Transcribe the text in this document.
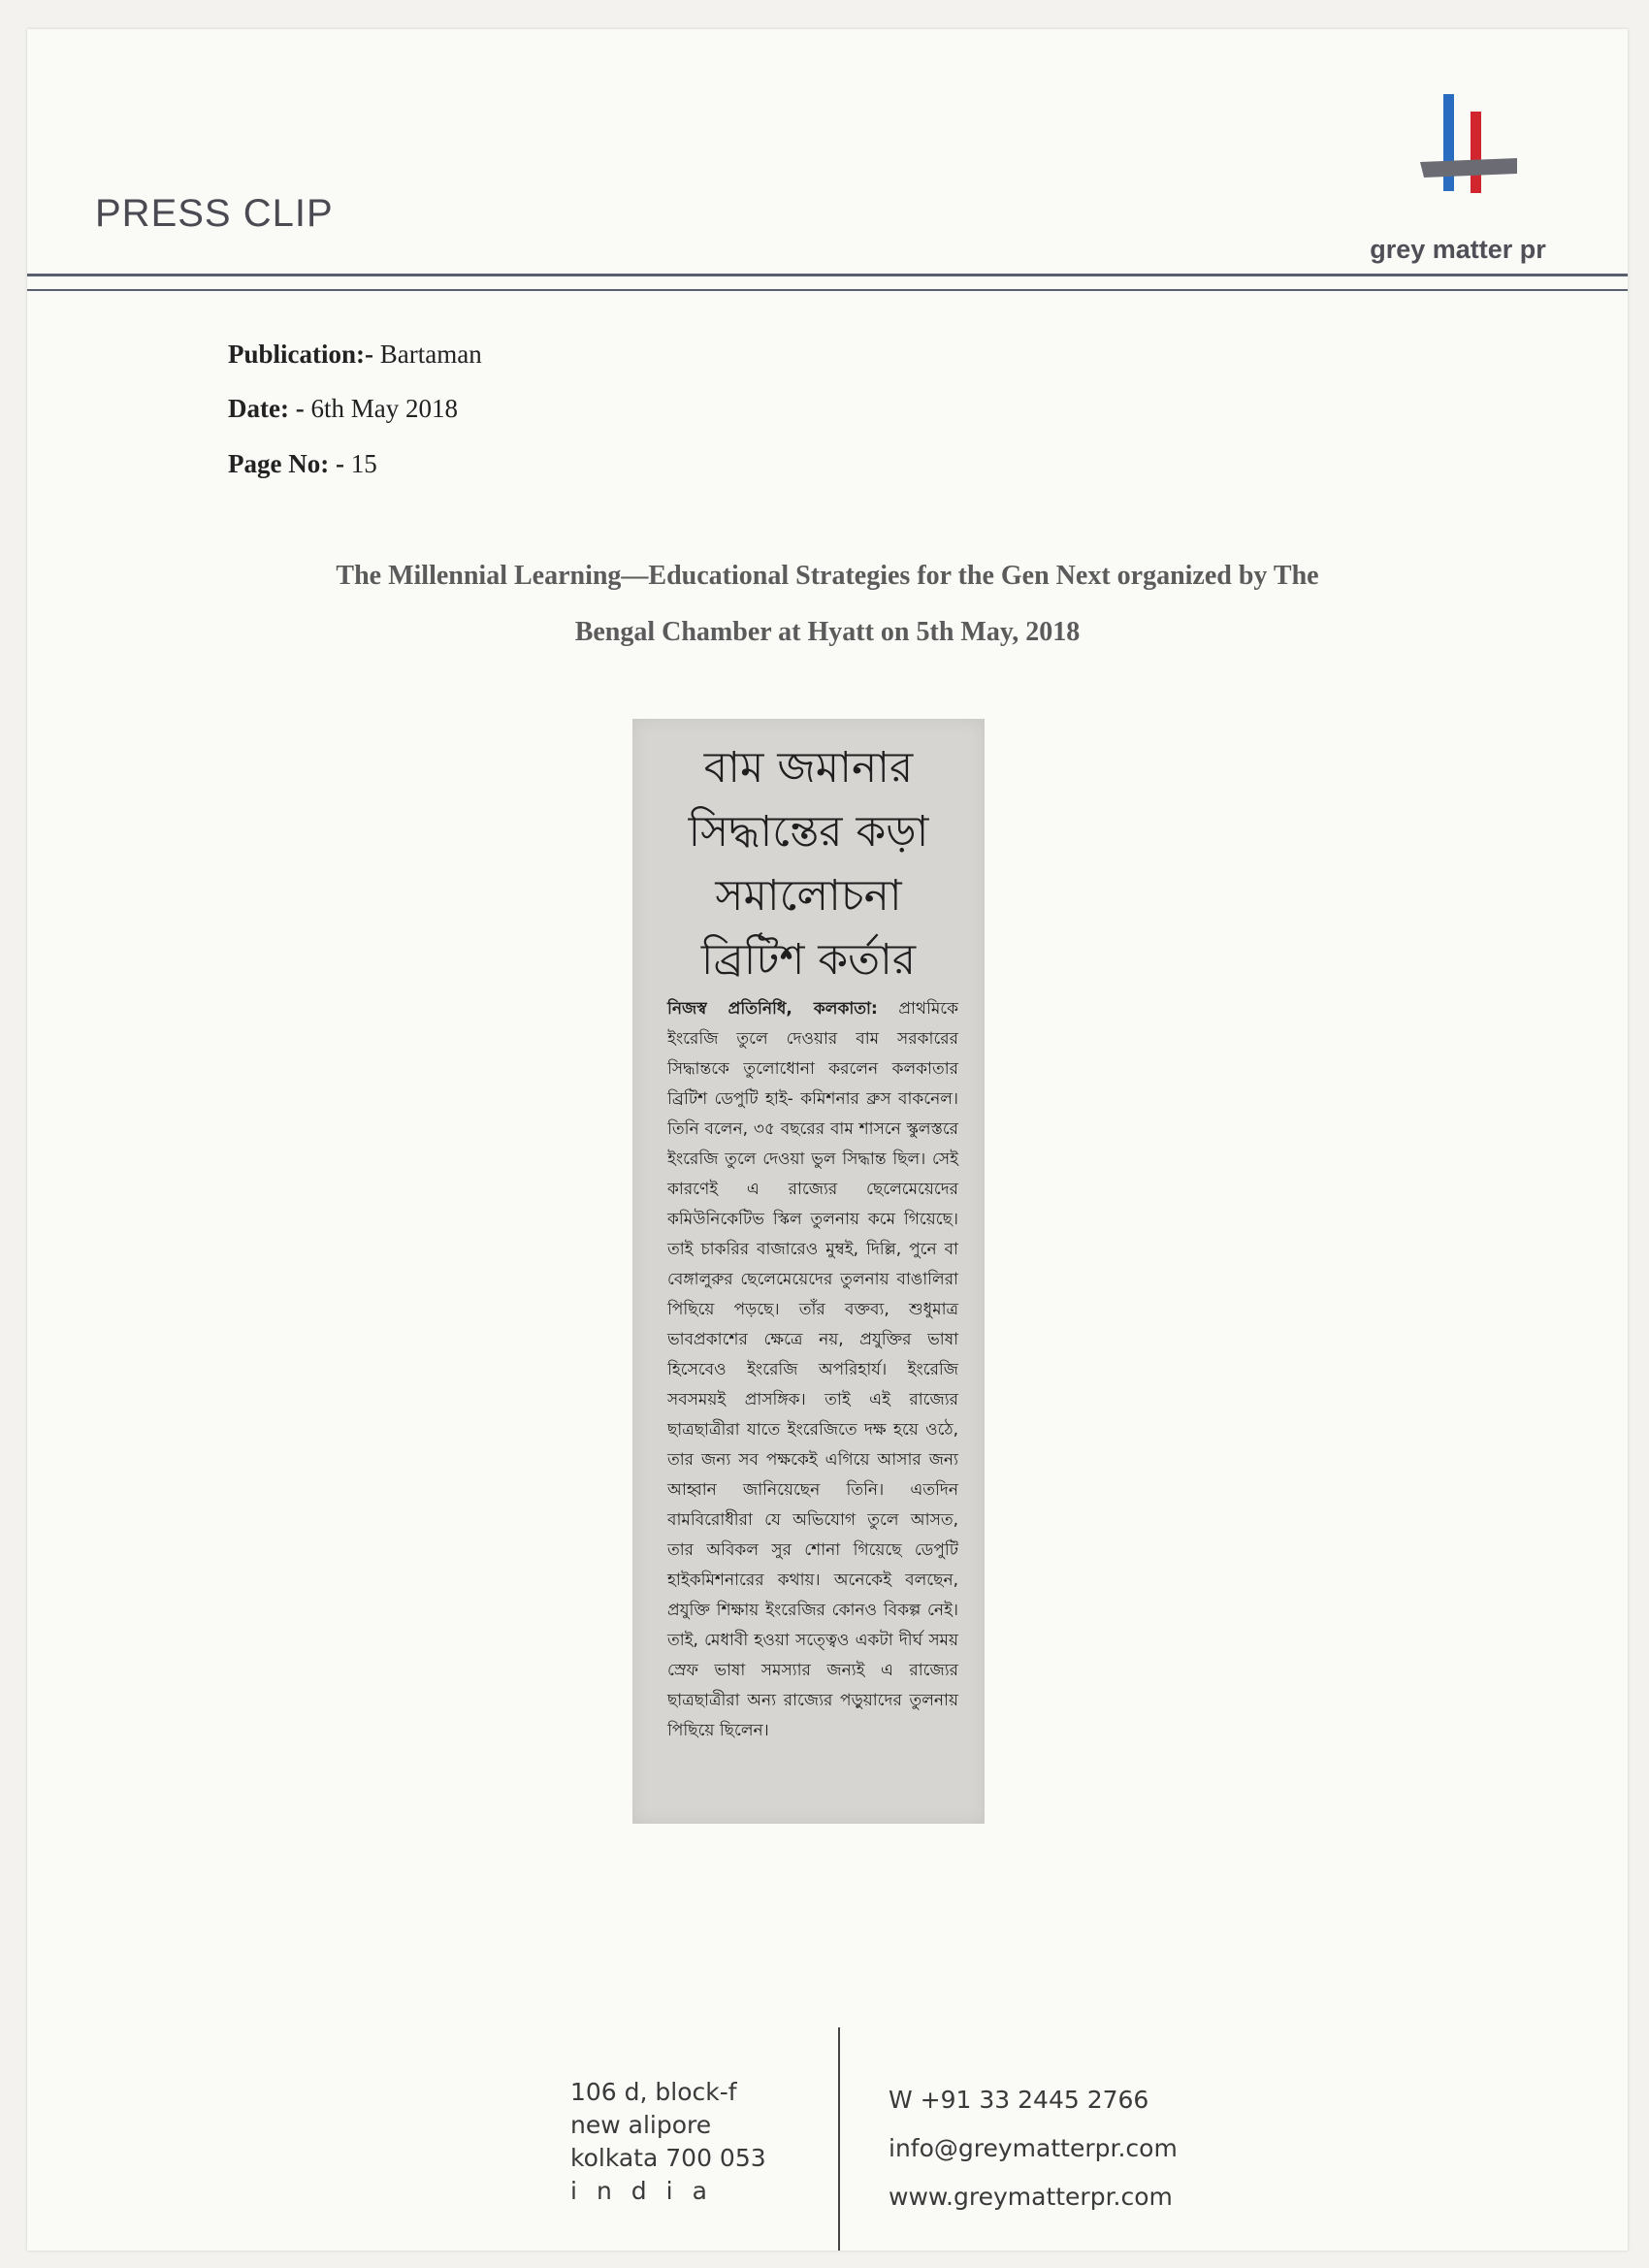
PRESS CLIP
grey matter pr
Publication:- Bartaman
Date: - 6th May 2018
Page No: - 15
The Millennial Learning—Educational Strategies for the Gen Next organized by The
Bengal Chamber at Hyatt on 5th May, 2018
বাম জমানার
সিদ্ধান্তের কড়া
সমালোচনা
ব্রিটিশ কর্তার
নিজস্ব প্রতিনিধি, কলকাতা: প্রাথমিকে ইংরেজি তুলে দেওয়ার বাম সরকারের সিদ্ধান্তকে তুলোধোনা করলেন কলকাতার ব্রিটিশ ডেপুটি হাই- কমিশনার ব্রুস বাকনেল। তিনি বলেন, ৩৫ বছরের বাম শাসনে স্কুলস্তরে ইংরেজি তুলে দেওয়া ভুল সিদ্ধান্ত ছিল। সেই কারণেই এ রাজ্যের ছেলেমেয়েদের কমিউনিকেটিভ স্কিল তুলনায় কমে গিয়েছে। তাই চাকরির বাজারেও মুম্বই, দিল্লি, পুনে বা বেঙ্গালুরুর ছেলেমেয়েদের তুলনায় বাঙালিরা পিছিয়ে পড়ছে। তাঁর বক্তব্য, শুধুমাত্র ভাবপ্রকাশের ক্ষেত্রে নয়, প্রযুক্তির ভাষা হিসেবেও ইংরেজি অপরিহার্য। ইংরেজি সবসময়ই প্রাসঙ্গিক। তাই এই রাজ্যের ছাত্রছাত্রীরা যাতে ইংরেজিতে দক্ষ হয়ে ওঠে, তার জন্য সব পক্ষকেই এগিয়ে আসার জন্য আহ্বান জানিয়েছেন তিনি। এতদিন বামবিরোধীরা যে অভিযোগ তুলে আসত, তার অবিকল সুর শোনা গিয়েছে ডেপুটি হাইকমিশনারের কথায়। অনেকেই বলছেন, প্রযুক্তি শিক্ষায় ইংরেজির কোনও বিকল্প নেই। তাই, মেধাবী হওয়া সত্ত্বেও একটা দীর্ঘ সময় স্রেফ ভাষা সমস্যার জন্যই এ রাজ্যের ছাত্রছাত্রীরা অন্য রাজ্যের পড়ুয়াদের তুলনায় পিছিয়ে ছিলেন।
106 d, block-f
new alipore
kolkata 700 053
india
W +91 33 2445 2766
info@greymatterpr.com
www.greymatterpr.com
